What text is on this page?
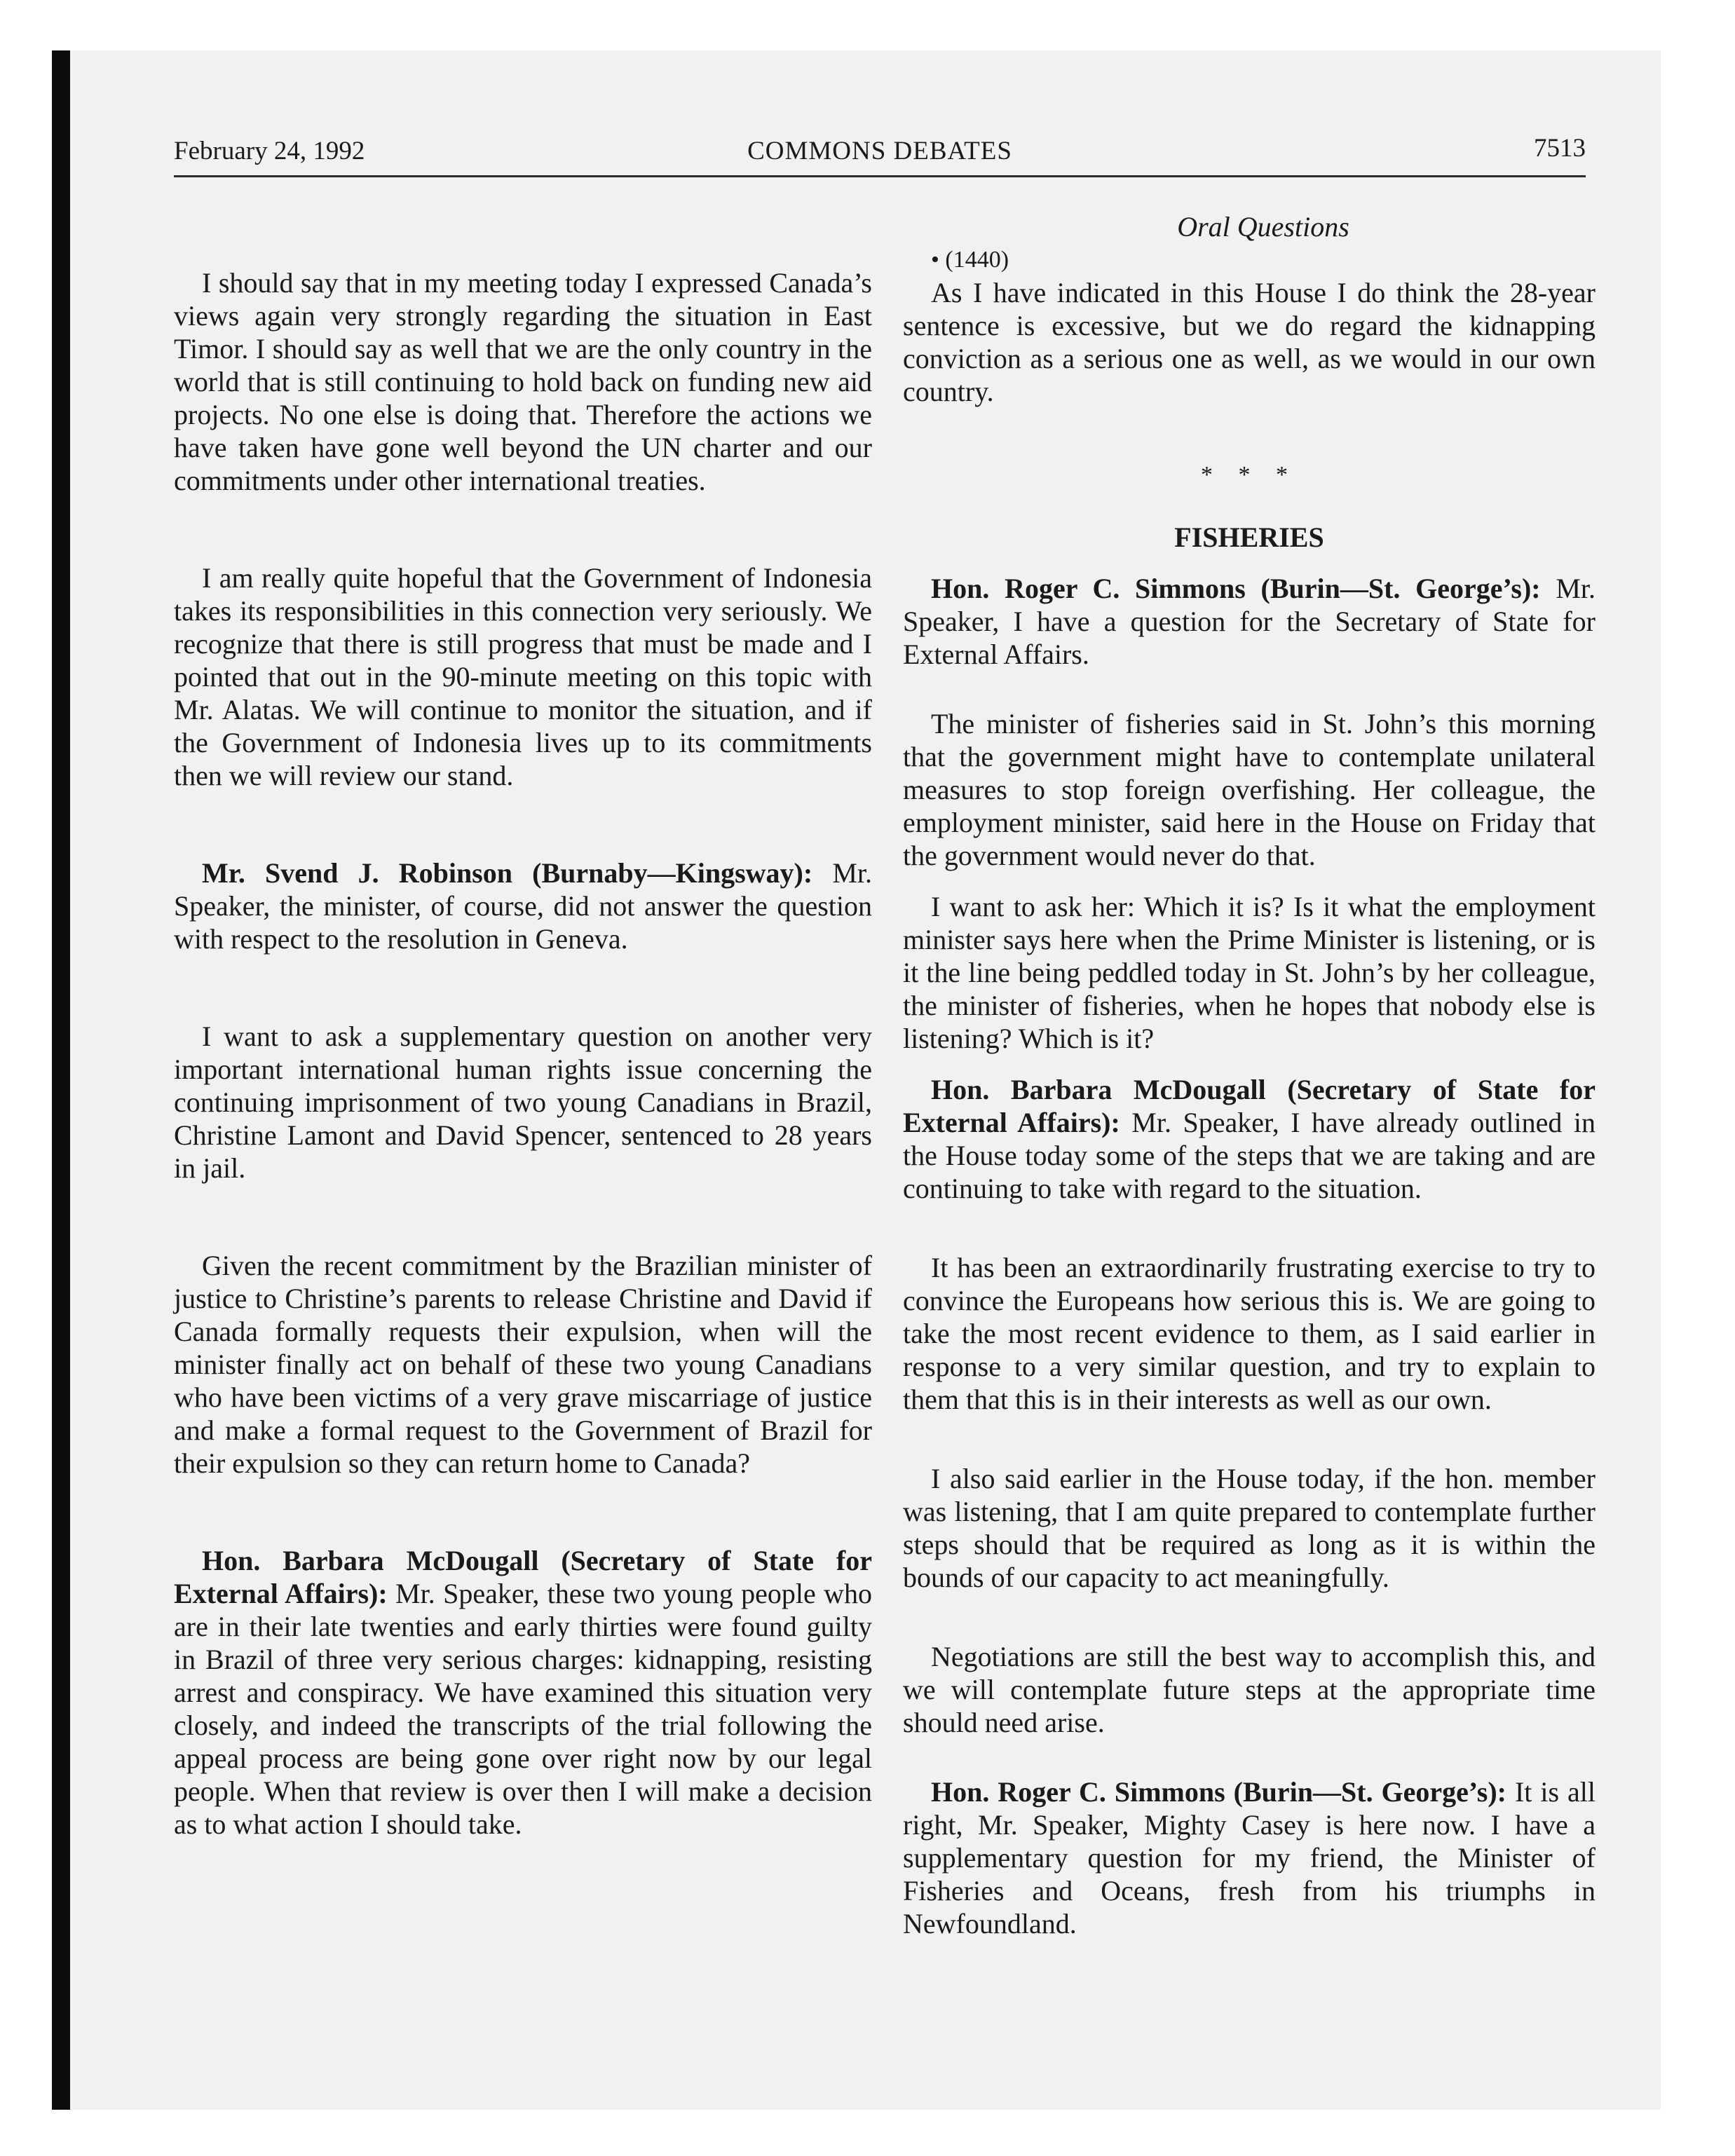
February 24, 1992	COMMONS DEBATES	7513

I should say that in my meeting today I expressed Canada’s views again very strongly regarding the situation in East Timor. I should say as well that we are the only country in the world that is still continuing to hold back on funding new aid projects. No one else is doing that. Therefore the actions we have taken have gone well beyond the UN charter and our commitments under other international treaties.

I am really quite hopeful that the Government of Indonesia takes its responsibilities in this connection very seriously. We recognize that there is still progress that must be made and I pointed that out in the 90-minute meeting on this topic with Mr. Alatas. We will continue to monitor the situation, and if the Government of Indonesia lives up to its commitments then we will review our stand.

Mr. Svend J. Robinson (Burnaby—Kingsway): Mr. Speaker, the minister, of course, did not answer the question with respect to the resolution in Geneva.

I want to ask a supplementary question on another very important international human rights issue concerning the continuing imprisonment of two young Canadians in Brazil, Christine Lamont and David Spencer, sentenced to 28 years in jail.

Given the recent commitment by the Brazilian minister of justice to Christine’s parents to release Christine and David if Canada formally requests their expulsion, when will the minister finally act on behalf of these two young Canadians who have been victims of a very grave miscarriage of justice and make a formal request to the Government of Brazil for their expulsion so they can return home to Canada?

Hon. Barbara McDougall (Secretary of State for External Affairs): Mr. Speaker, these two young people who are in their late twenties and early thirties were found guilty in Brazil of three very serious charges: kidnapping, resisting arrest and conspiracy. We have examined this situation very closely, and indeed the transcripts of the trial following the appeal process are being gone over right now by our legal people. When that review is over then I will make a decision as to what action I should take.

Oral Questions

• (1440)

As I have indicated in this House I do think the 28-year sentence is excessive, but we do regard the kidnapping conviction as a serious one as well, as we would in our own country.

* * *

FISHERIES

Hon. Roger C. Simmons (Burin—St. George’s): Mr. Speaker, I have a question for the Secretary of State for External Affairs.

The minister of fisheries said in St. John’s this morning that the government might have to contemplate unilateral measures to stop foreign overfishing. Her colleague, the employment minister, said here in the House on Friday that the government would never do that.

I want to ask her: Which it is? Is it what the employment minister says here when the Prime Minister is listening, or is it the line being peddled today in St. John’s by her colleague, the minister of fisheries, when he hopes that nobody else is listening? Which is it?

Hon. Barbara McDougall (Secretary of State for External Affairs): Mr. Speaker, I have already outlined in the House today some of the steps that we are taking and are continuing to take with regard to the situation.

It has been an extraordinarily frustrating exercise to try to convince the Europeans how serious this is. We are going to take the most recent evidence to them, as I said earlier in response to a very similar question, and try to explain to them that this is in their interests as well as our own.

I also said earlier in the House today, if the hon. member was listening, that I am quite prepared to contemplate further steps should that be required as long as it is within the bounds of our capacity to act meaningfully.

Negotiations are still the best way to accomplish this, and we will contemplate future steps at the appropriate time should need arise.

Hon. Roger C. Simmons (Burin—St. George’s): It is all right, Mr. Speaker, Mighty Casey is here now. I have a supplementary question for my friend, the Minister of Fisheries and Oceans, fresh from his triumphs in Newfoundland.
